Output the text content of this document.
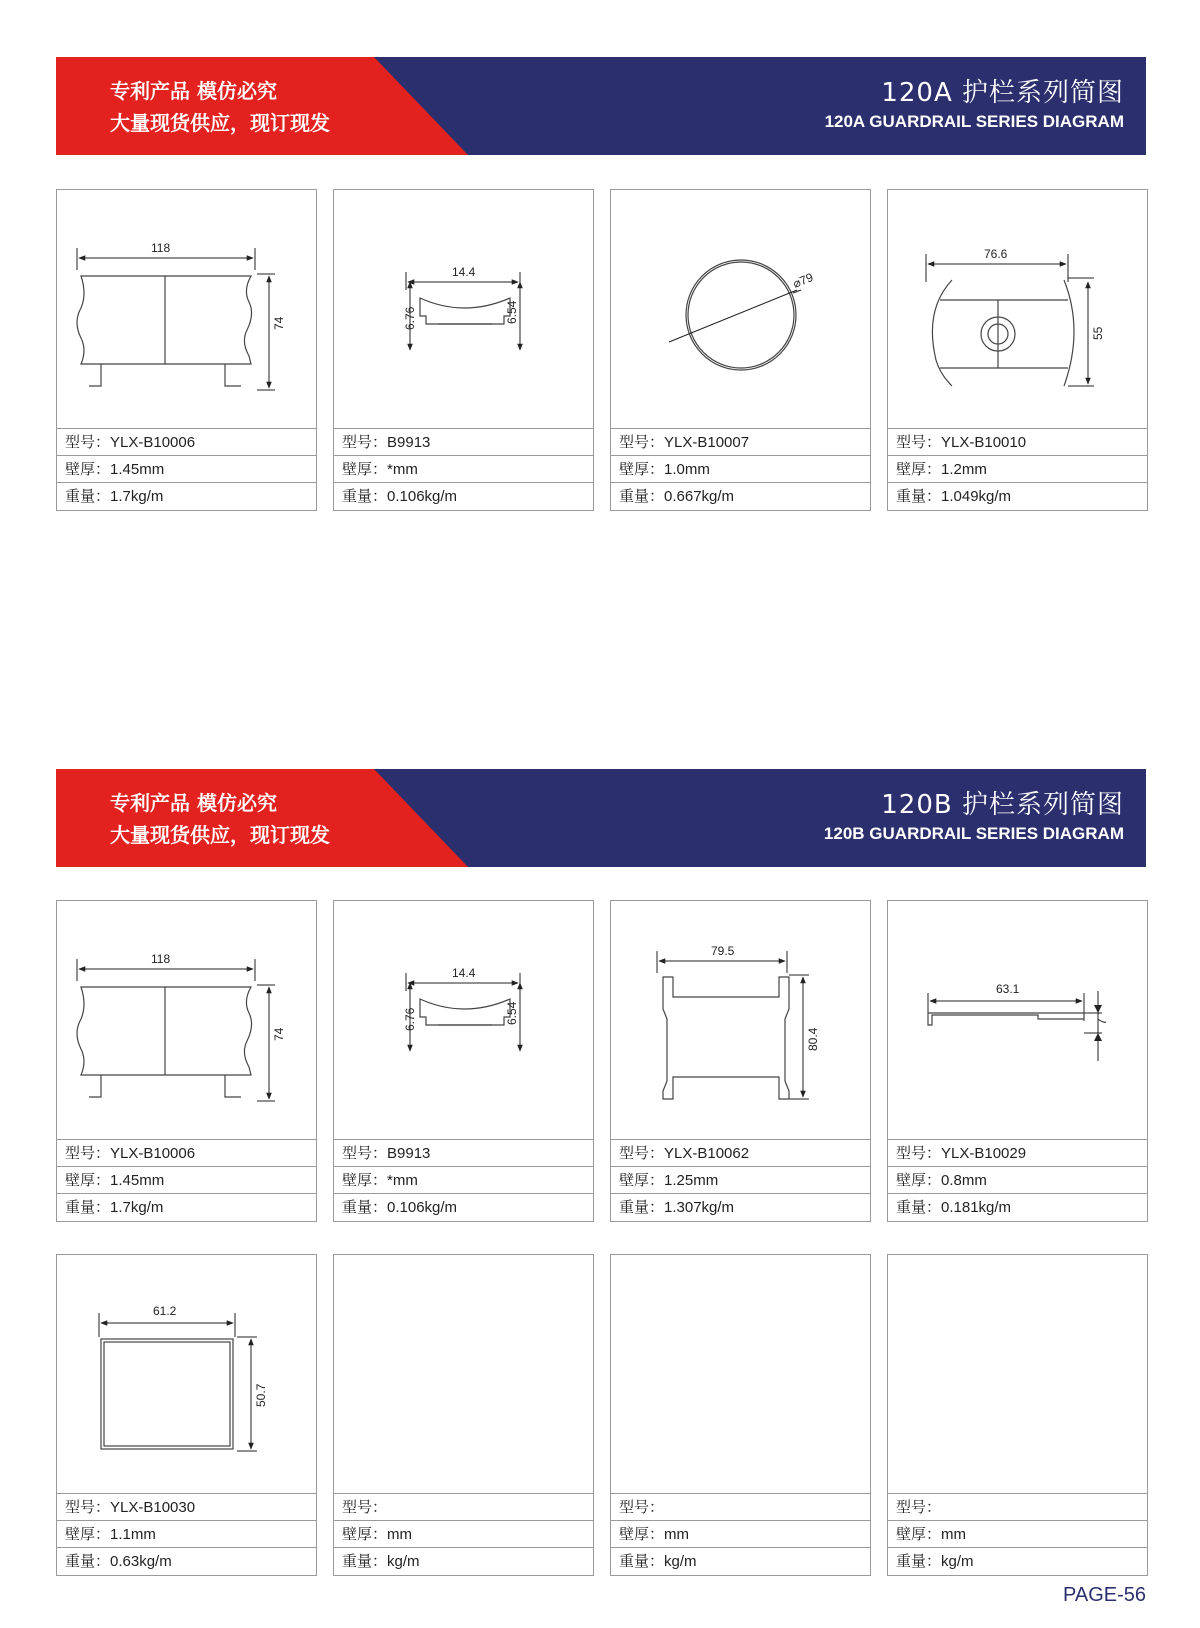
专利产品 模仿必究
大量现货供应，现订现发
120A 护栏系列简图
120A GUARDRAIL SERIES DIAGRAM
118
74
型号：YLX-B10006
壁厚：1.45mm
重量：1.7kg/m
14.4
6.76	6.54
型号：B9913
壁厚：*mm
重量：0.106kg/m
⌀79
型号：YLX-B10007
壁厚：1.0mm
重量：0.667kg/m
76.6
55
型号：YLX-B10010
壁厚：1.2mm
重量：1.049kg/m
专利产品 模仿必究
大量现货供应，现订现发
120B 护栏系列简图
120B GUARDRAIL SERIES DIAGRAM
118
74
型号：YLX-B10006
壁厚：1.45mm
重量：1.7kg/m
14.4
6.76	6.54
型号：B9913
壁厚：*mm
重量：0.106kg/m
79.5
80.4
型号：YLX-B10062
壁厚：1.25mm
重量：1.307kg/m
63.1
7
型号：YLX-B10029
壁厚：0.8mm
重量：0.181kg/m
61.2
50.7
型号：YLX-B10030
壁厚：1.1mm
重量：0.63kg/m
型号：
壁厚：mm
重量：kg/m
型号：
壁厚：mm
重量：kg/m
型号：
壁厚：mm
重量：kg/m
PAGE-56
